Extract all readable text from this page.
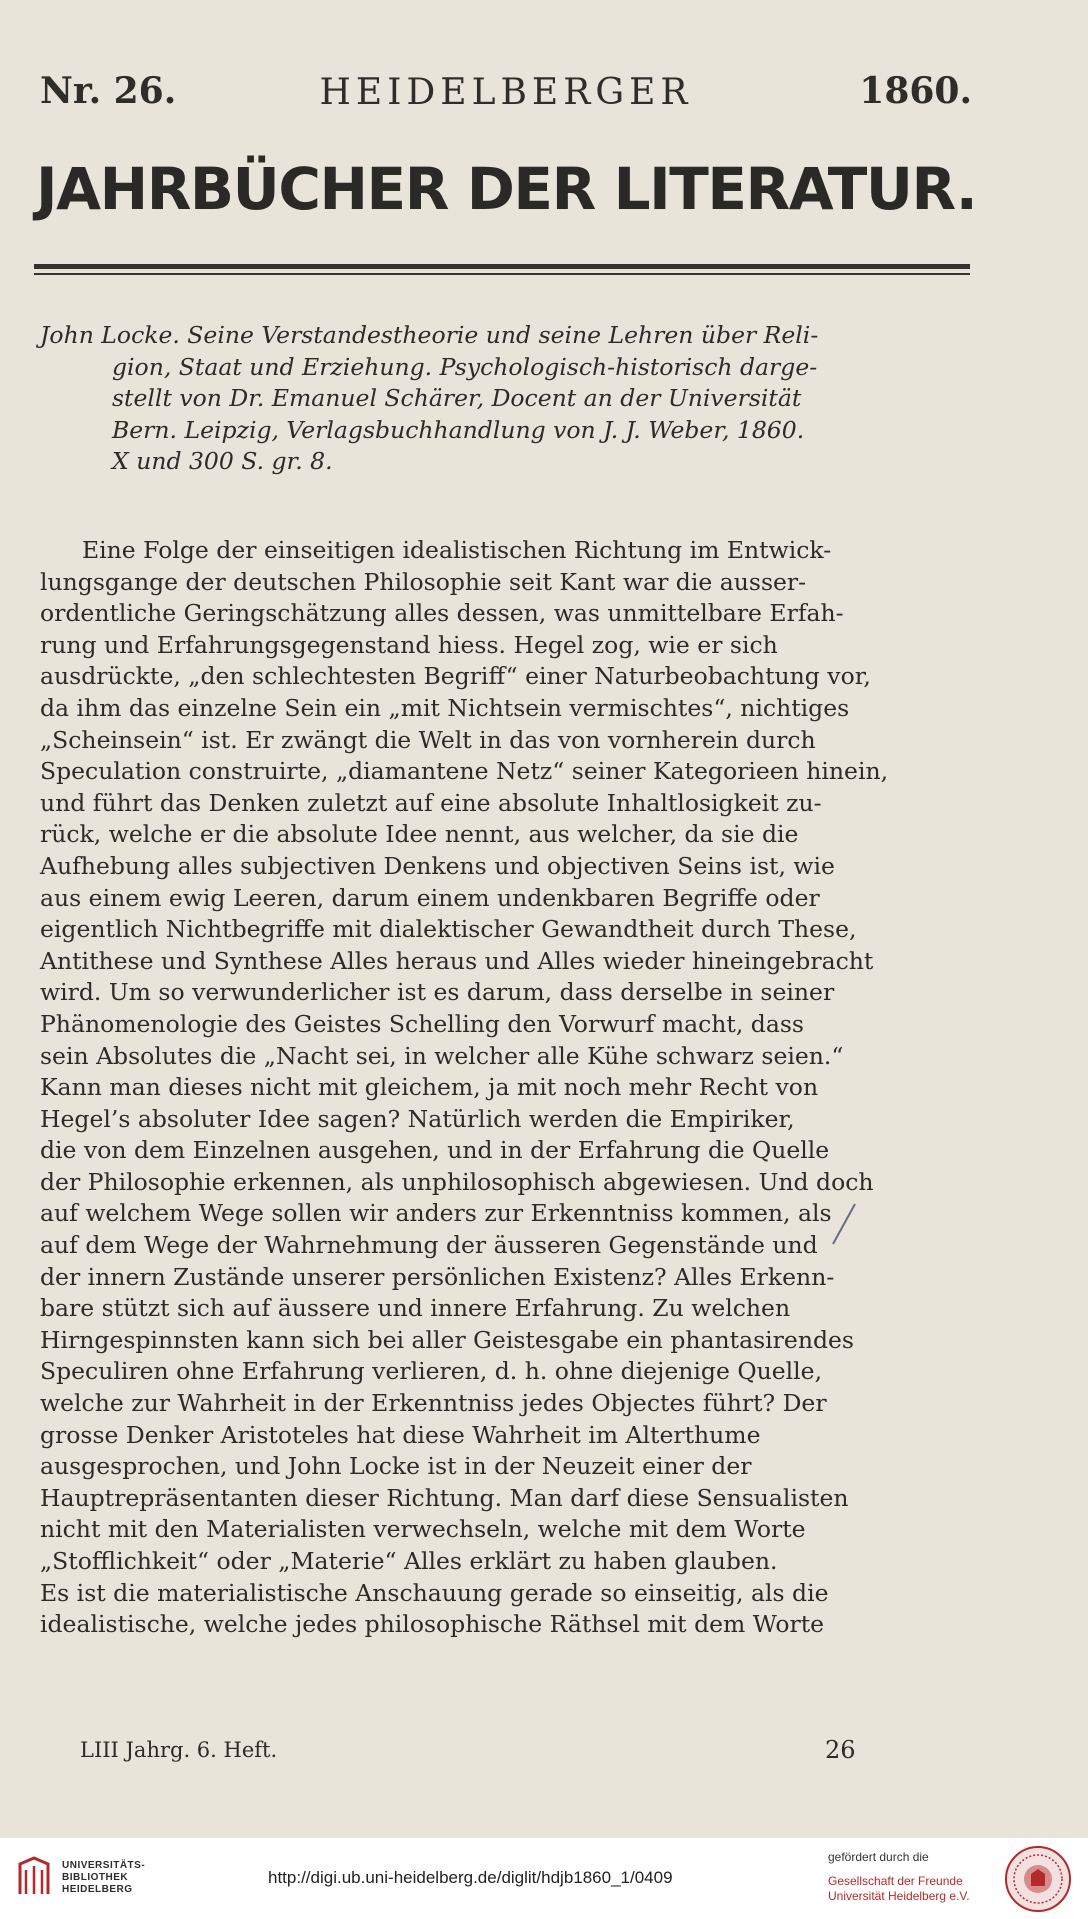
Nr. 26.	HEIDELBERGER	1860.
JAHRBÜCHER DER LITERATUR.
John Locke. Seine Verstandestheorie und seine Lehren über Reli-
gion, Staat und Erziehung. Psychologisch-historisch darge-
stellt von Dr. Emanuel Schärer, Docent an der Universität
Bern. Leipzig, Verlagsbuchhandlung von J. J. Weber, 1860.
X und 300 S. gr. 8.
Eine Folge der einseitigen idealistischen Richtung im Entwick-
lungsgange der deutschen Philosophie seit Kant war die ausser-
ordentliche Geringschätzung alles dessen, was unmittelbare Erfah-
rung und Erfahrungsgegenstand hiess. Hegel zog, wie er sich
ausdrückte, „den schlechtesten Begriff“ einer Naturbeobachtung vor,
da ihm das einzelne Sein ein „mit Nichtsein vermischtes“, nichtiges
„Scheinsein“ ist. Er zwängt die Welt in das von vornherein durch
Speculation construirte, „diamantene Netz“ seiner Kategorieen hinein,
und führt das Denken zuletzt auf eine absolute Inhaltlosigkeit zu-
rück, welche er die absolute Idee nennt, aus welcher, da sie die
Aufhebung alles subjectiven Denkens und objectiven Seins ist, wie
aus einem ewig Leeren, darum einem undenkbaren Begriffe oder
eigentlich Nichtbegriffe mit dialektischer Gewandtheit durch These,
Antithese und Synthese Alles heraus und Alles wieder hineingebracht
wird. Um so verwunderlicher ist es darum, dass derselbe in seiner
Phänomenologie des Geistes Schelling den Vorwurf macht, dass
sein Absolutes die „Nacht sei, in welcher alle Kühe schwarz seien.“
Kann man dieses nicht mit gleichem, ja mit noch mehr Recht von
Hegel’s absoluter Idee sagen? Natürlich werden die Empiriker,
die von dem Einzelnen ausgehen, und in der Erfahrung die Quelle
der Philosophie erkennen, als unphilosophisch abgewiesen. Und doch
auf welchem Wege sollen wir anders zur Erkenntniss kommen, als
auf dem Wege der Wahrnehmung der äusseren Gegenstände und
der innern Zustände unserer persönlichen Existenz? Alles Erkenn-
bare stützt sich auf äussere und innere Erfahrung. Zu welchen
Hirngespinnsten kann sich bei aller Geistesgabe ein phantasirendes
Speculiren ohne Erfahrung verlieren, d. h. ohne diejenige Quelle,
welche zur Wahrheit in der Erkenntniss jedes Objectes führt? Der
grosse Denker Aristoteles hat diese Wahrheit im Alterthume
ausgesprochen, und John Locke ist in der Neuzeit einer der
Hauptrepräsentanten dieser Richtung. Man darf diese Sensualisten
nicht mit den Materialisten verwechseln, welche mit dem Worte
„Stofflichkeit“ oder „Materie“ Alles erklärt zu haben glauben.
Es ist die materialistische Anschauung gerade so einseitig, als die
idealistische, welche jedes philosophische Räthsel mit dem Worte
LIII Jahrg. 6. Heft.	26
UNIVERSITÄTS-
BIBLIOTHEK
HEIDELBERG
http://digi.ub.uni-heidelberg.de/diglit/hdjb1860_1/0409
gefördert durch die
Gesellschaft der Freunde
Universität Heidelberg e.V.
